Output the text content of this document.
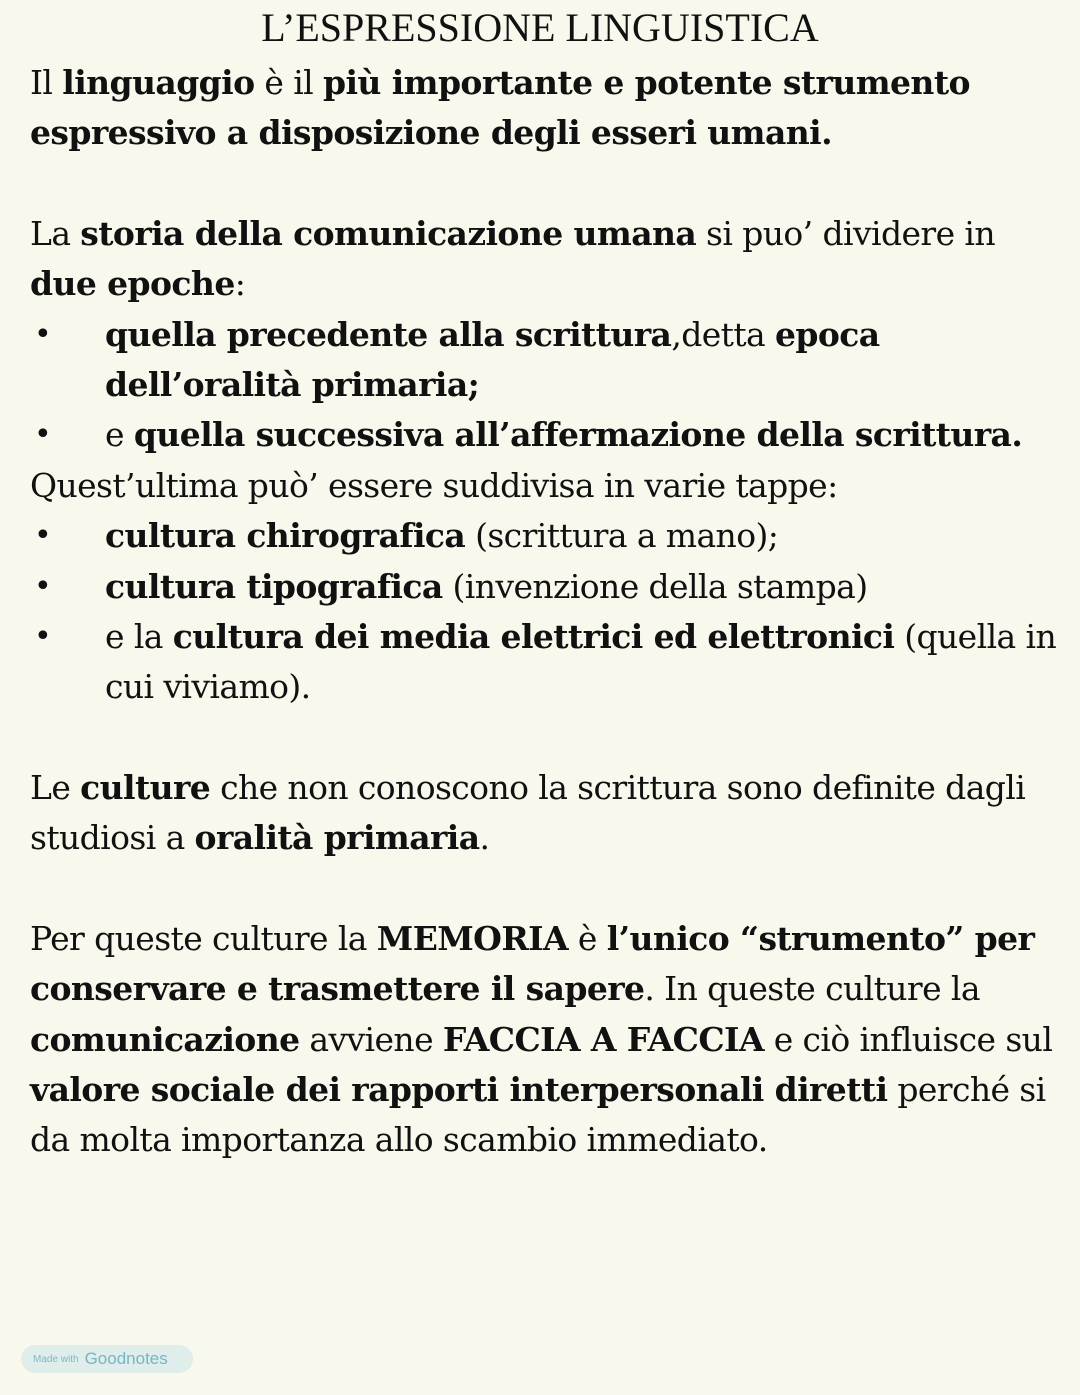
L’ESPRESSIONE LINGUISTICA

Il linguaggio è il più importante e potente strumento espressivo a disposizione degli esseri umani.

La storia della comunicazione umana si puo’ dividere in due epoche:

• quella precedente alla scrittura,detta epoca dell’oralità primaria;
• e quella successiva all’affermazione della scrittura.

Quest’ultima può’ essere suddivisa in varie tappe:

• cultura chirografica (scrittura a mano);
• cultura tipografica (invenzione della stampa)
• e la cultura dei media elettrici ed elettronici (quella in cui viviamo).

Le culture che non conoscono la scrittura sono definite dagli studiosi a oralità primaria.

Per queste culture la MEMORIA è l’unico “strumento” per conservare e trasmettere il sapere. In queste culture la comunicazione avviene FACCIA A FACCIA e ciò influisce sul valore sociale dei rapporti interpersonali diretti perché si da molta importanza allo scambio immediato.

Made with Goodnotes
